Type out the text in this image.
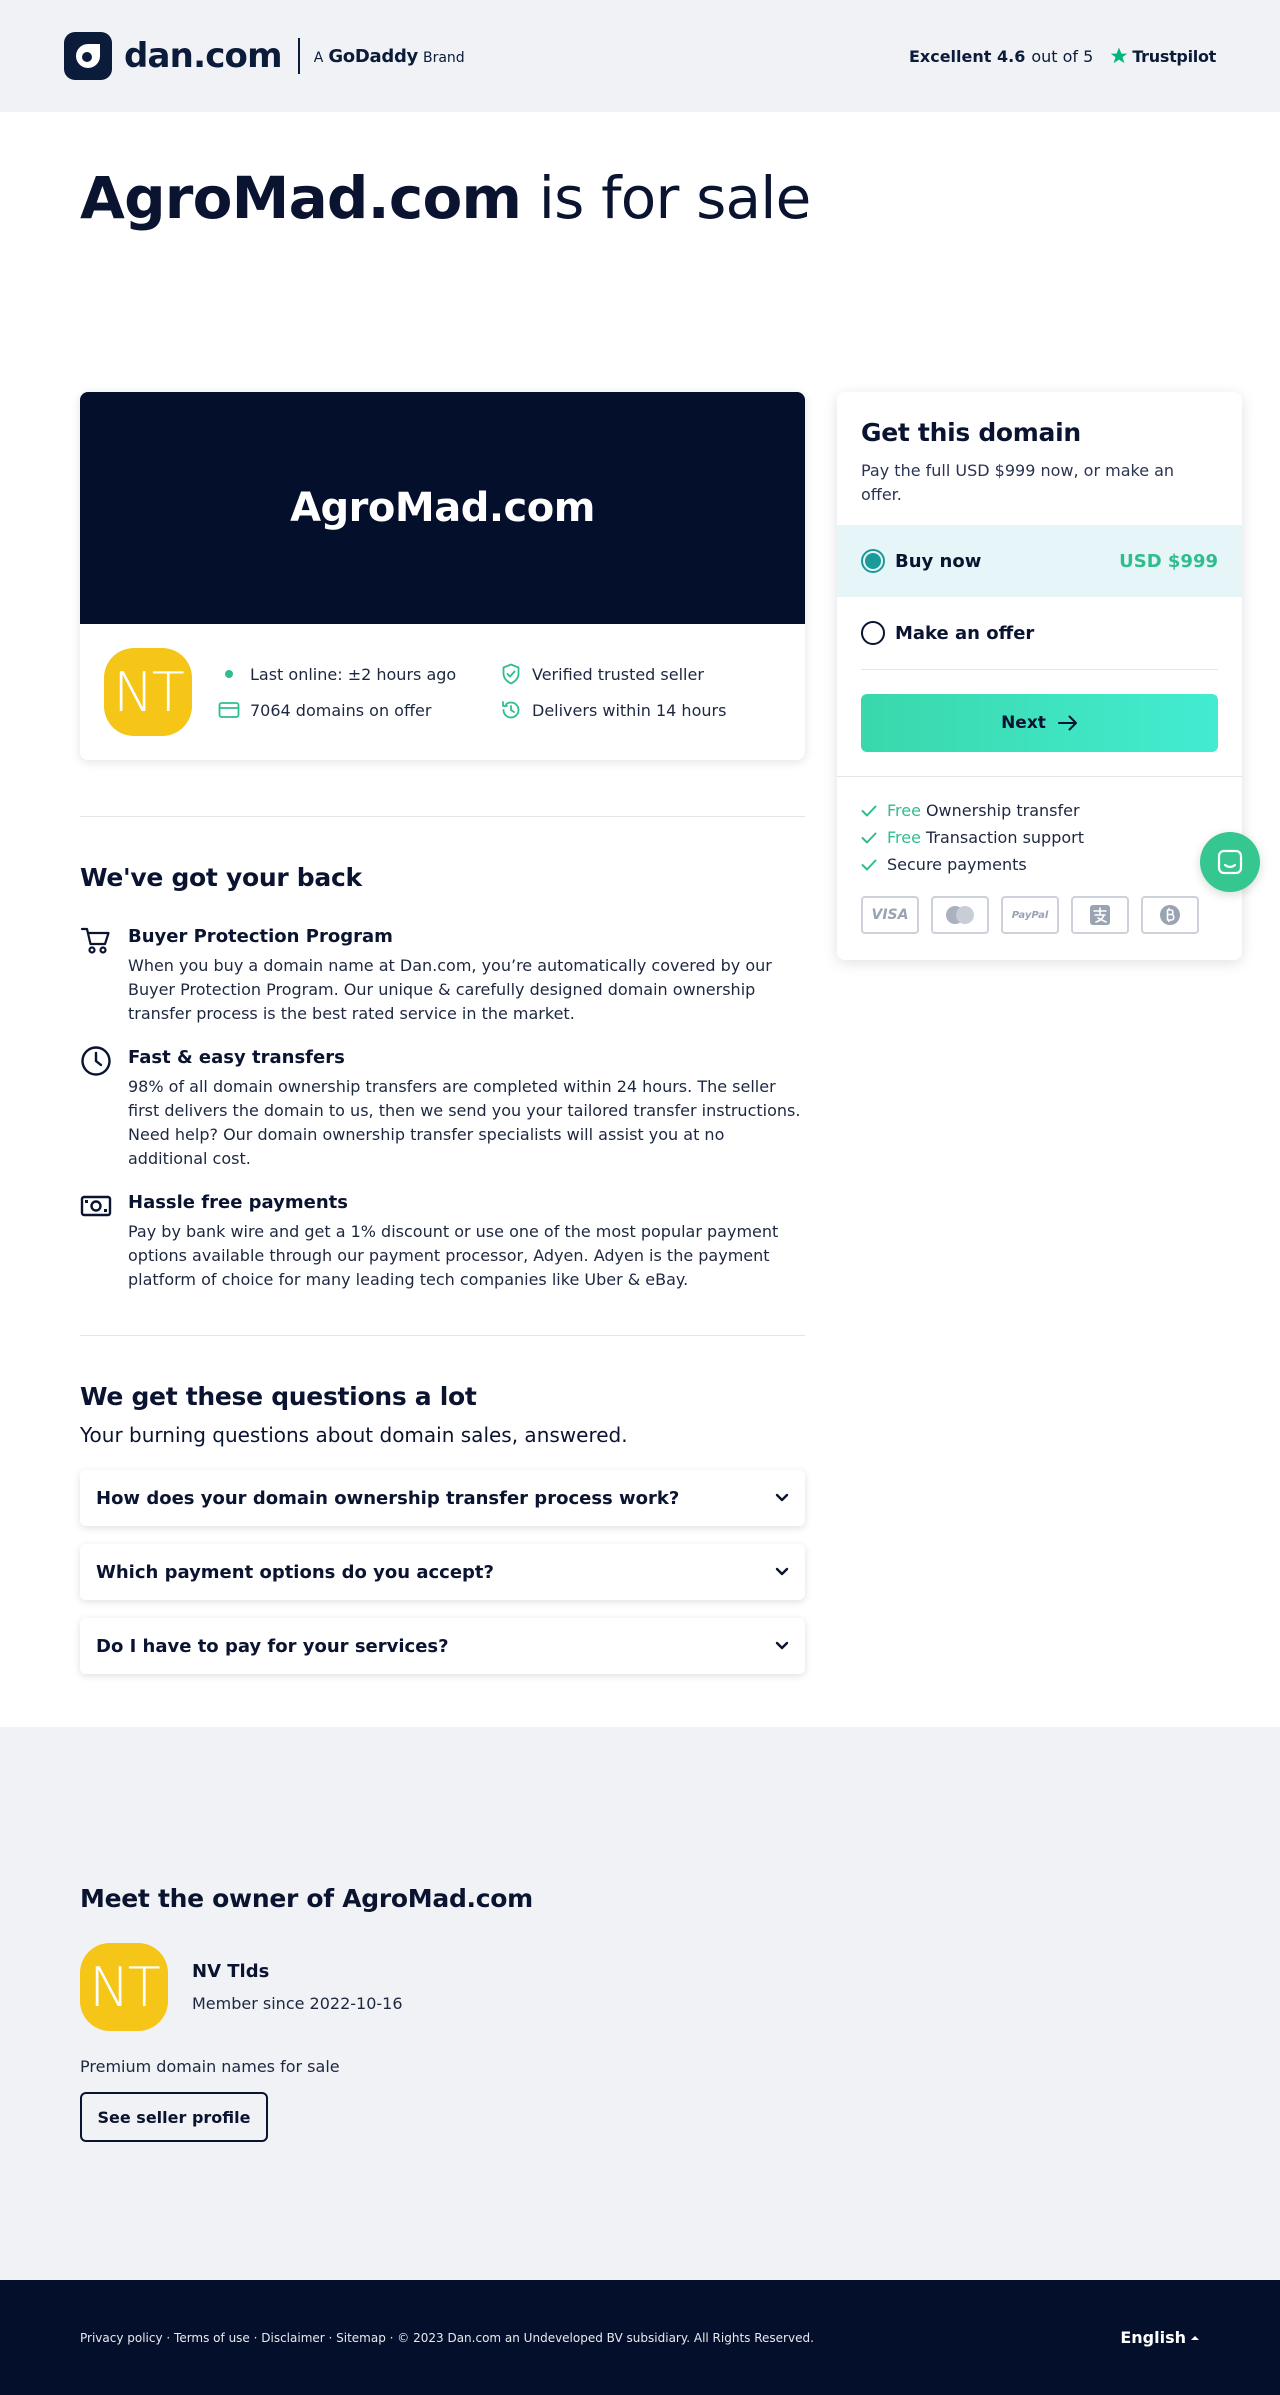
dan.com A GoDaddy Brand	Excellent 4.6 out of 5 Trustpilot
AgroMad.com is for sale
AgroMad.com
NT	Last online: ±2 hours ago	Verified trusted seller
7064 domains on offer	Delivers within 14 hours
We've got your back
Buyer Protection Program

When you buy a domain name at Dan.com, you’re automatically covered by our Buyer Protection Program. Our unique & carefully designed domain ownership transfer process is the best rated service in the market.

Fast & easy transfers

98% of all domain ownership transfers are completed within 24 hours. The seller first delivers the domain to us, then we send you your tailored transfer instructions. Need help? Our domain ownership transfer specialists will assist you at no additional cost.

Hassle free payments

Pay by bank wire and get a 1% discount or use one of the most popular payment options available through our payment processor, Adyen. Adyen is the payment platform of choice for many leading tech companies like Uber & eBay.

We get these questions a lot

Your burning questions about domain sales, answered.

How does your domain ownership transfer process work?
Which payment options do you accept?
Do I have to pay for your services?
Get this domain

Pay the full USD $999 now, or make an offer.

Buy now	USD $999
Make an offer
Next
Free Ownership transfer
Free Transaction support
Secure payments
VISA	PayPal
Meet the owner of AgroMad.com
NT	NV Tlds
Member since 2022-10-16

Premium domain names for sale

See seller profile
Privacy policy · Terms of use · Disclaimer · Sitemap · © 2023 Dan.com an Undeveloped BV subsidiary. All Rights Reserved.	English
